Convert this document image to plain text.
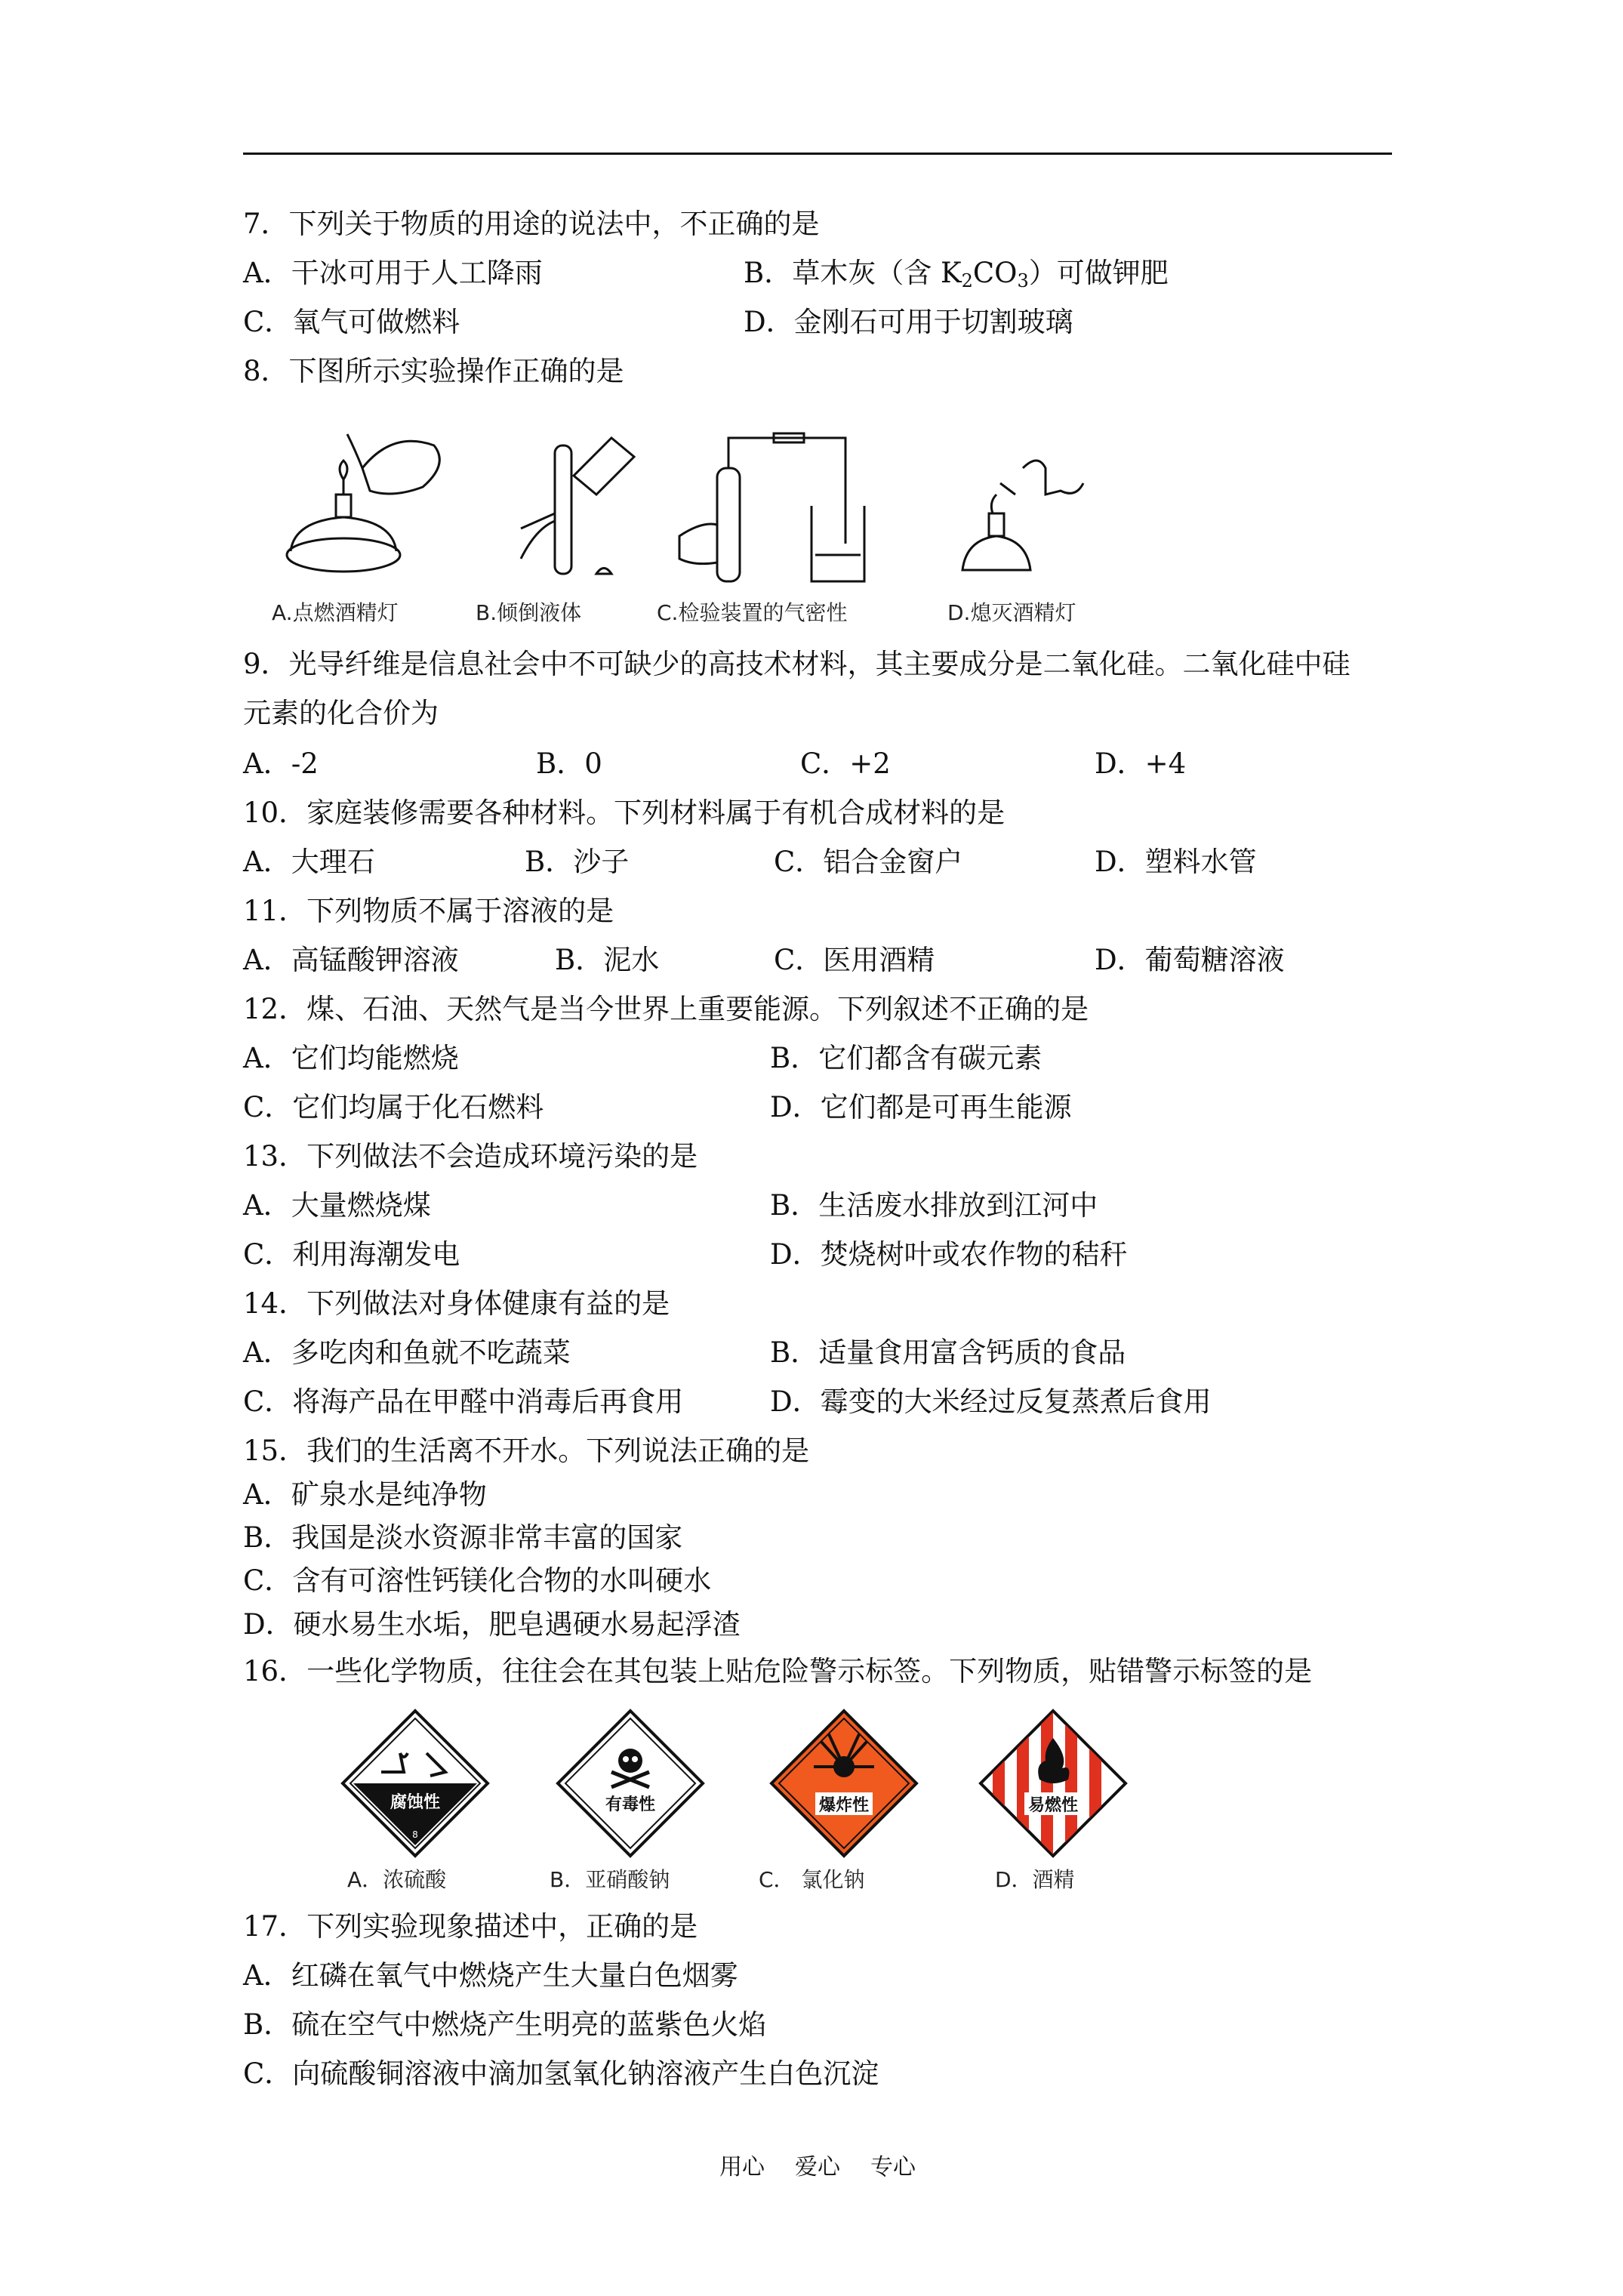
7．下列关于物质的用途的说法中，不正确的是
A．干冰可用于人工降雨	B．草木灰（含 $K_2CO_3$）可做钾肥
C．氧气可做燃料	D．金刚石可用于切割玻璃
8．下图所示实验操作正确的是
A.点燃酒精灯	B.倾倒液体	C.检验装置的气密性	D.熄灭酒精灯
9．光导纤维是信息社会中不可缺少的高技术材料，其主要成分是二氧化硅。二氧化硅中硅
元素的化合价为
A．-2	B．0	C．+2	D．+4
10．家庭装修需要各种材料。下列材料属于有机合成材料的是
A．大理石	B．沙子	C．铝合金窗户	D．塑料水管
11．下列物质不属于溶液的是
A．高锰酸钾溶液	B．泥水	C．医用酒精	D．葡萄糖溶液
12．煤、石油、天然气是当今世界上重要能源。下列叙述不正确的是
A．它们均能燃烧	B．它们都含有碳元素
C．它们均属于化石燃料	D．它们都是可再生能源
13．下列做法不会造成环境污染的是
A．大量燃烧煤	B．生活废水排放到江河中
C．利用海潮发电	D．焚烧树叶或农作物的秸秆
14．下列做法对身体健康有益的是
A．多吃肉和鱼就不吃蔬菜	B．适量食用富含钙质的食品
C．将海产品在甲醛中消毒后再食用	D．霉变的大米经过反复蒸煮后食用
15．我们的生活离不开水。下列说法正确的是
A．矿泉水是纯净物
B．我国是淡水资源非常丰富的国家
C．含有可溶性钙镁化合物的水叫硬水
D．硬水易生水垢，肥皂遇硬水易起浮渣
16．一些化学物质，往往会在其包装上贴危险警示标签。下列物质，贴错警示标签的是
腐蚀性
8
A．浓硫酸
有毒性
B．亚硝酸钠
爆炸性
C． 氯化钠
易燃性
D．酒精
17．下列实验现象描述中，正确的是
A．红磷在氧气中燃烧产生大量白色烟雾
B．硫在空气中燃烧产生明亮的蓝紫色火焰
C．向硫酸铜溶液中滴加氢氧化钠溶液产生白色沉淀
用心 爱心 专心
